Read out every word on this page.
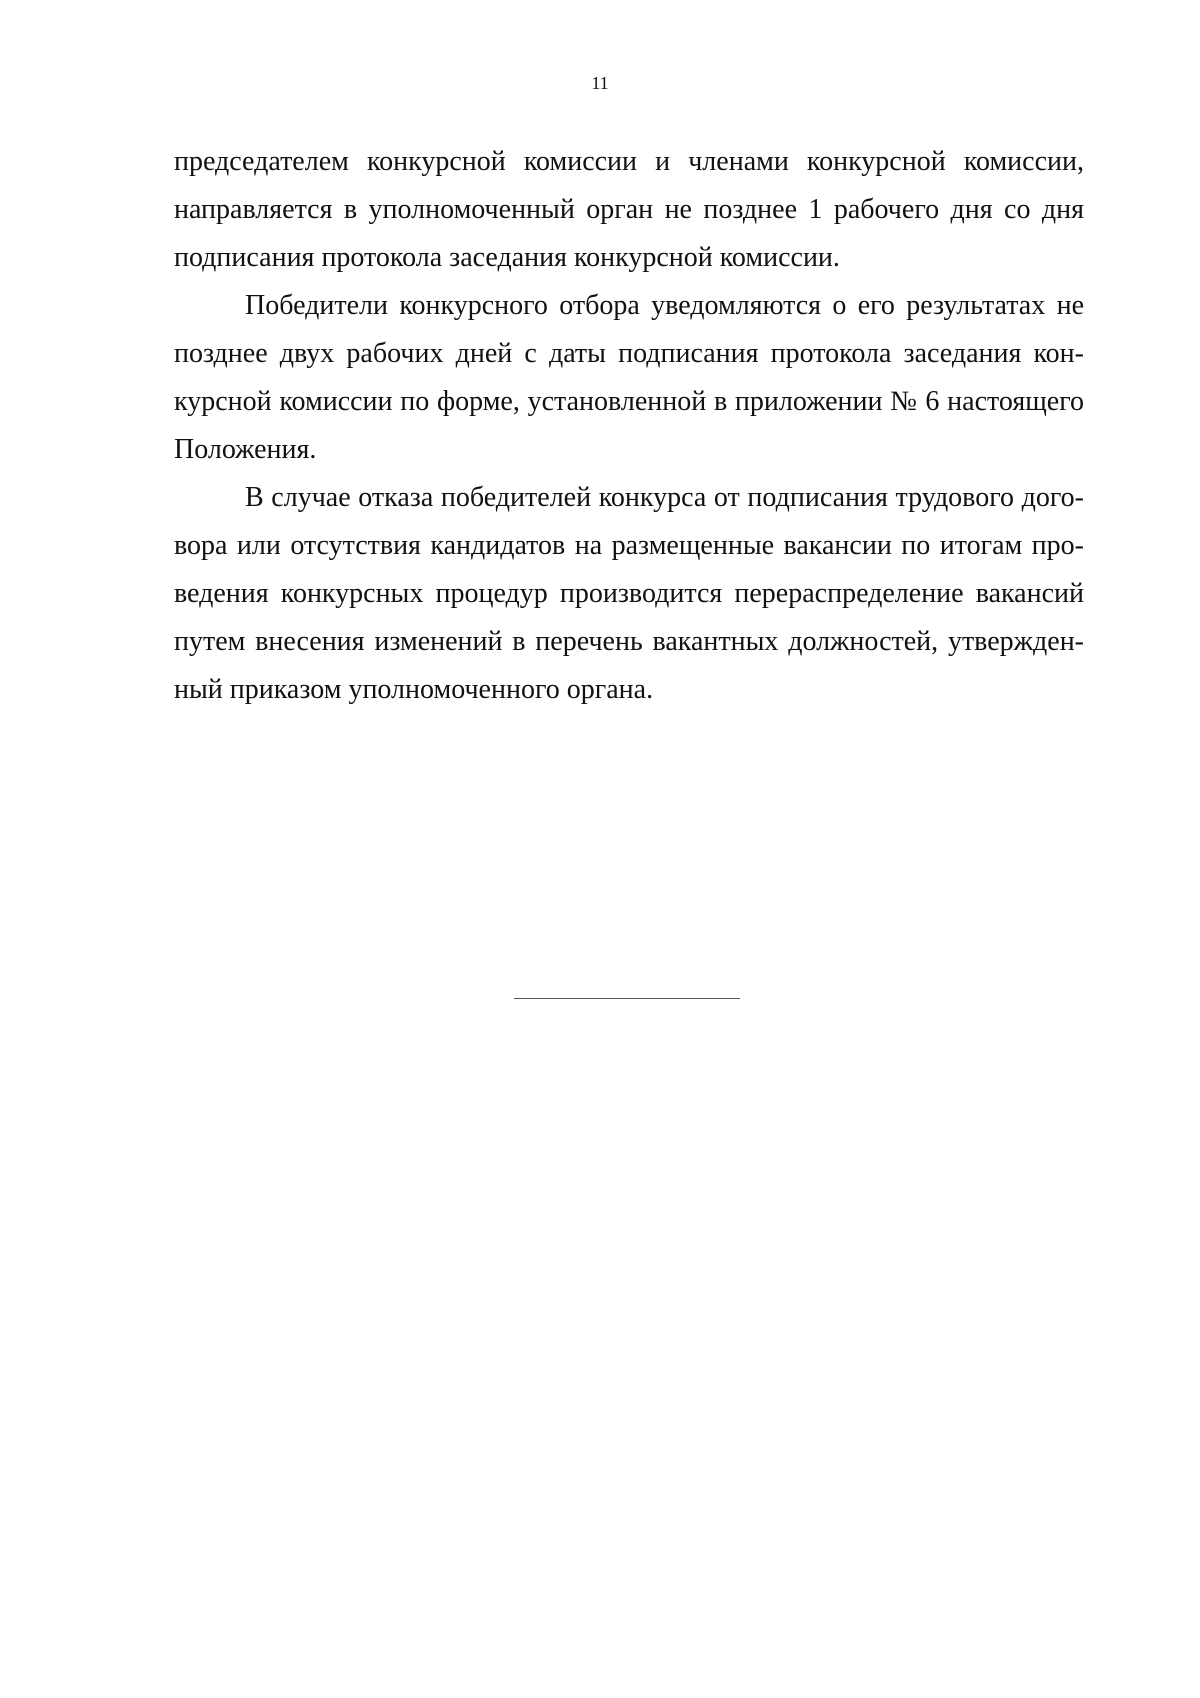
11
председателем конкурсной комиссии и членами конкурсной комиссии,
направляется в уполномоченный орган не позднее 1 рабочего дня со дня
подписания протокола заседания конкурсной комиссии.
Победители конкурсного отбора уведомляются о его результатах не
позднее двух рабочих дней с даты подписания протокола заседания кон-
курсной комиссии по форме, установленной в приложении № 6 настоящего
Положения.
В случае отказа победителей конкурса от подписания трудового дого-
вора или отсутствия кандидатов на размещенные вакансии по итогам про-
ведения конкурсных процедур производится перераспределение вакансий
путем внесения изменений в перечень вакантных должностей, утвержден-
ный приказом уполномоченного органа.
